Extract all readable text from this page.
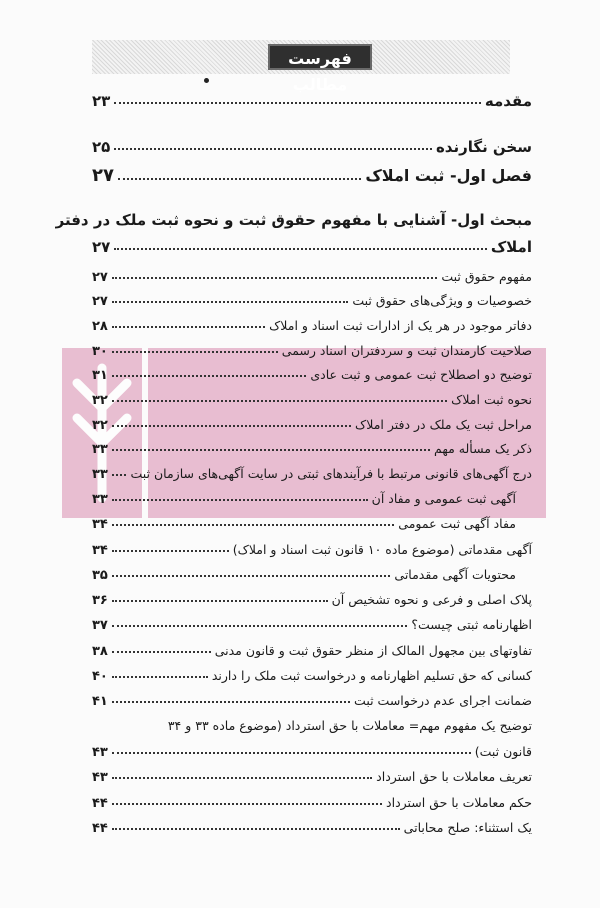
فهرست مطالب
مقدمه
۲۳
سخن نگارنده
۲۵
فصل اول- ثبت املاک
۲۷
مبحث اول- آشنایی با مفهوم حقوق ثبت و نحوه ثبت ملک در دفتر
املاک
۲۷
مفهوم حقوق ثبت
۲۷
خصوصیات و ویژگی‌های حقوق ثبت
۲۷
دفاتر موجود در هر یک از ادارات ثبت اسناد و املاک
۲۸
صلاحیت کارمندان ثبت و سردفتران اسناد رسمی
۳۰
توضیح دو اصطلاح ثبت عمومی و ثبت عادی
۳۱
نحوه ثبت املاک
۳۲
مراحل ثبت یک ملک در دفتر املاک
۳۲
ذکر یک مسأله مهم
۳۳
درج آگهی‌های قانونی مرتبط با فرآیندهای ثبتی در سایت آگهی‌های سازمان ثبت
۳۳
آگهی ثبت عمومی و مفاد آن
۳۳
مفاد آگهی ثبت عمومی
۳۴
آگهی مقدماتی (موضوع ماده ۱۰ قانون ثبت اسناد و املاک)
۳۴
محتویات آگهی مقدماتی
۳۵
پلاک اصلی و فرعی و نحوه تشخیص آن
۳۶
اظهارنامه ثبتی چیست؟
۳۷
تفاوتهای بین مجهول المالک از منظر حقوق ثبت و قانون مدنی
۳۸
کسانی که حق تسلیم اظهارنامه و درخواست ثبت ملک را دارند
۴۰
ضمانت اجرای عدم درخواست ثبت
۴۱
توضیح یک مفهوم مهم= معاملات با حق استرداد (موضوع ماده ۳۳ و ۳۴
قانون ثبت)
۴۳
تعریف معاملات با حق استرداد
۴۳
حکم معاملات با حق استرداد
۴۴
یک استثناء: صلح محاباتی
۴۴
